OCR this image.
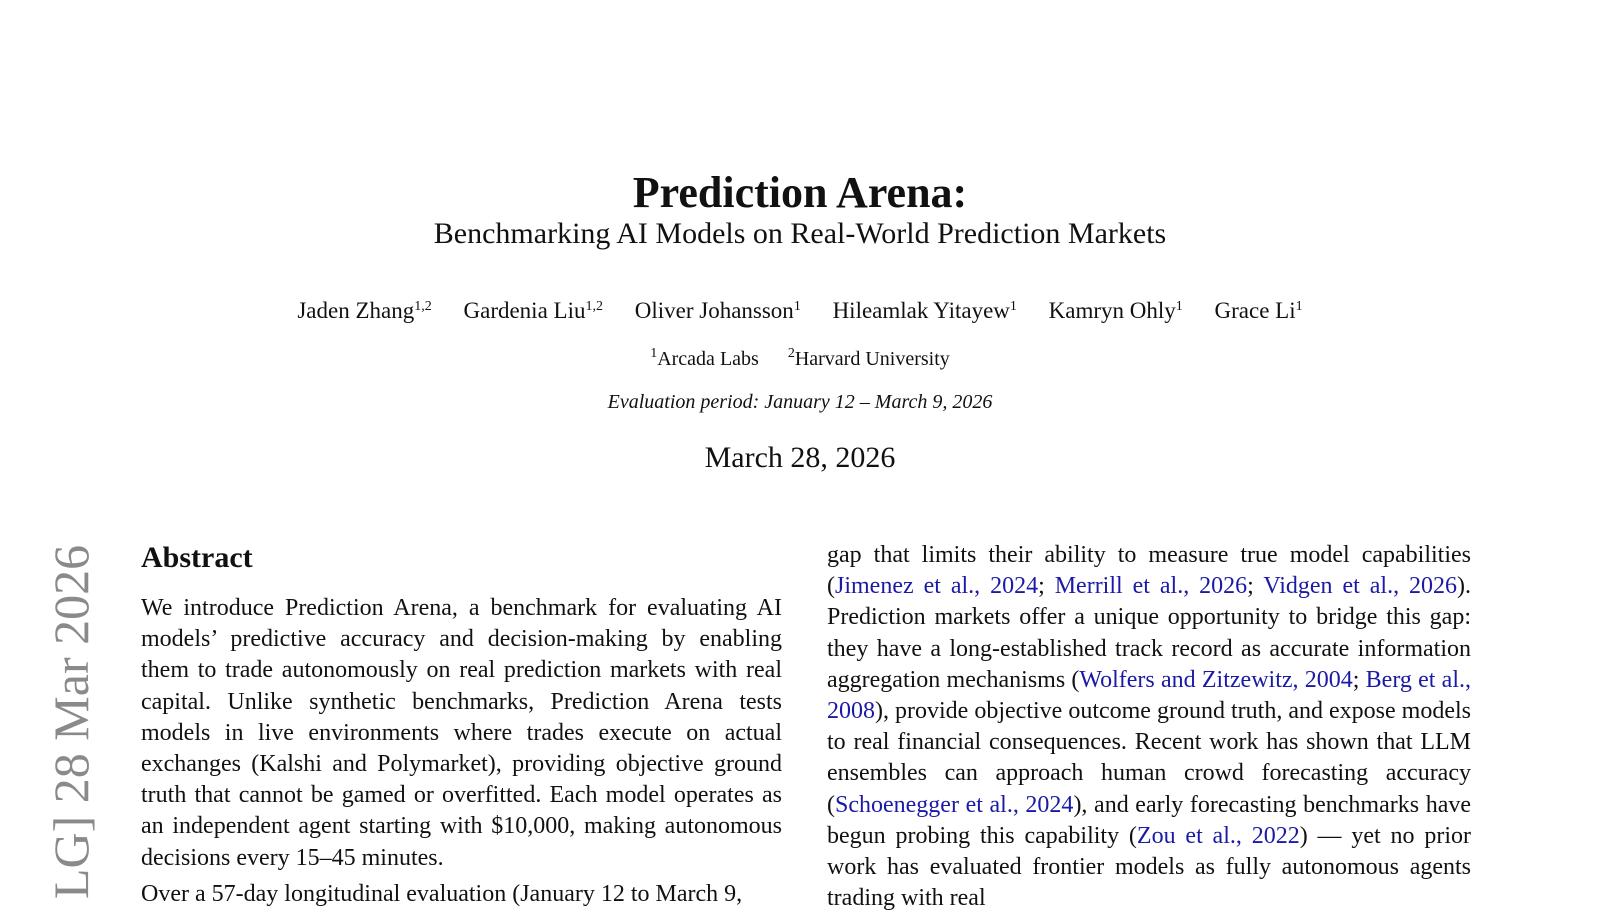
Prediction Arena:
Benchmarking AI Models on Real-World Prediction Markets
Jaden Zhang$^{1,2}$ Gardenia Liu$^{1,2}$ Oliver Johansson$^1$ Hileamlak Yitayew$^1$ Kamryn Ohly$^1$ Grace Li$^1$
$^1$Arcada Labs $^2$Harvard University
Evaluation period: January 12 – March 9, 2026
March 28, 2026
LG] 28 Mar 2026 Abstract

We introduce Prediction Arena, a benchmark for evaluating AI models’ predictive accuracy and decision-making by enabling them to trade autonomously on real prediction markets with real capital. Unlike synthetic benchmarks, Prediction Arena tests models in live environments where trades execute on actual exchanges (Kalshi and Polymarket), providing objective ground truth that cannot be gamed or overfitted. Each model operates as an independent agent starting with $10,000, making autonomous decisions every 15–45 minutes.

Over a 57-day longitudinal evaluation (January 12 to March 9,

gap that limits their ability to measure true model capabilities (Jimenez et al., 2024; Merrill et al., 2026; Vidgen et al., 2026). Prediction markets offer a unique opportunity to bridge this gap: they have a long-established track record as accurate information aggregation mechanisms (Wolfers and Zitzewitz, 2004; Berg et al., 2008), provide objective outcome ground truth, and expose models to real financial consequences. Recent work has shown that LLM ensembles can approach human crowd forecasting accuracy (Schoenegger et al., 2024), and early forecasting benchmarks have begun probing this capability (Zou et al., 2022) — yet no prior work has evaluated frontier models as fully autonomous agents trading with real
